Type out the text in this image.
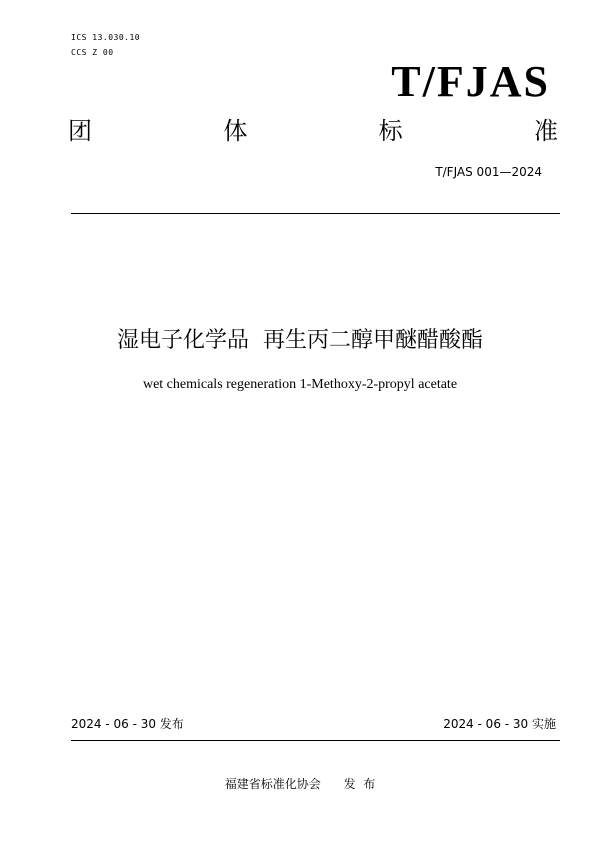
ICS 13.030.10
CCS Z 00
T/FJAS
团	体	标	准
T/FJAS 001—2024
湿电子化学品  再生丙二醇甲醚醋酸酯
wet chemicals regeneration 1-Methoxy-2-propyl acetate
2024 - 06 - 30 发布	2024 - 06 - 30 实施
福建省标准化协会      发  布
